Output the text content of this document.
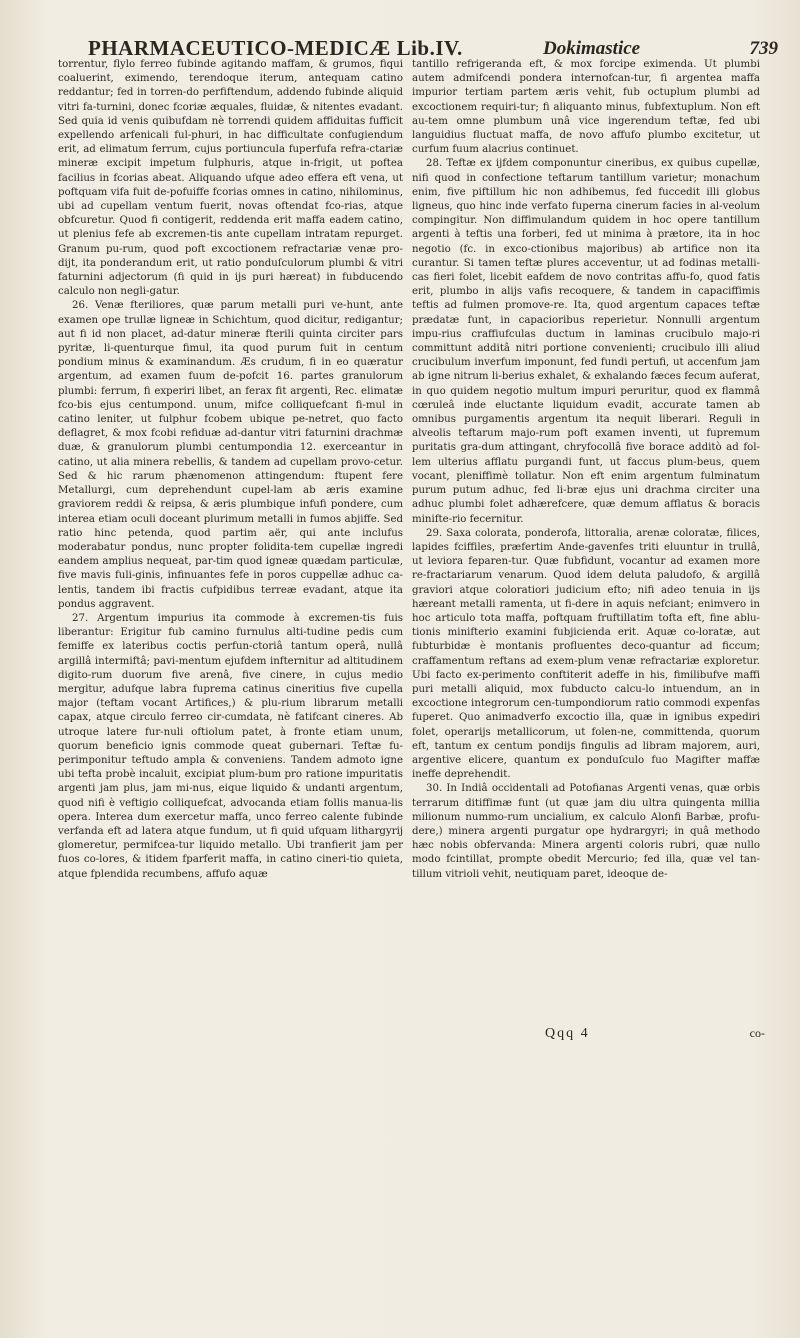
PHARMACEUTICO-MEDICÆ Lib.IV.	Dokimastice	739

torrentur, flylo ferreo fubinde agitando maffam, & grumos, fiqui coaluerint, eximendo, terendoque iterum, antequam catino reddantur; fed in torren-do perfiftendum, addendo fubinde aliquid vitri fa-turnini, donec fcoriæ æquales, fluidæ, & nitentes evadant. Sed quia id venis quibufdam nè torrendi quidem affiduitas fufficit expellendo arfenicali ful-phuri, in hac difficultate confugiendum erit, ad elimatum ferrum, cujus portiuncula fuperfufa refra-ctariæ mineræ excipit impetum fulphuris, atque in-frigit, ut poftea facilius in fcorias abeat. Aliquando ufque adeo effera eft vena, ut poftquam vifa fuit de-pofuiffe fcorias omnes in catino, nihilominus, ubi ad cupellam ventum fuerit, novas oftendat fco-rias, atque obfcuretur. Quod fi contigerit, reddenda erit maffa eadem catino, ut plenius fefe ab excremen-tis ante cupellam intratam repurget. Granum pu-rum, quod poft excoctionem refractariæ venæ pro-dijt, ita ponderandum erit, ut ratio ponduſculorum plumbi & vitri faturnini adjectorum (fi quid in ijs puri hæreat) in fubducendo calculo non negli-gatur.

26. Venæ fteriliores, quæ parum metalli puri ve-hunt, ante examen ope trullæ ligneæ in Schichtum, quod dicitur, redigantur; aut fi id non placet, ad-datur mineræ fterili quinta circiter pars pyritæ, li-quenturque fimul, ita quod purum fuit in centum pondium minus & examinandum. Æs crudum, fi in eo quæratur argentum, ad examen fuum de-pofcit 16. partes granulorum plumbi: ferrum, fi experiri libet, an ferax fit argenti, Rec. elimatæ fco-bis ejus centumpond. unum, mifce colliquefcant fi-mul in catino leniter, ut fulphur fcobem ubique pe-netret, quo facto deflagret, & mox fcobi refiduæ ad-dantur vitri faturnini drachmæ duæ, & granulorum plumbi centumpondia 12. exerceantur in catino, ut alia minera rebellis, & tandem ad cupellam provo-cetur. Sed & hic rarum phænomenon attingendum: ftupent fere Metallurgi, cum deprehendunt cupel-lam ab æris examine graviorem reddi & reipsa, & æris plumbique infufi pondere, cum interea etiam oculi doceant plurimum metalli in fumos abjiffe. Sed ratio hinc petenda, quod partim aër, qui ante inclufus moderabatur pondus, nunc propter folidita-tem cupellæ ingredi eandem amplius nequeat, par-tim quod igneæ quædam particulæ, five mavis fuli-ginis, infinuantes fefe in poros cuppellæ adhuc ca-lentis, tandem ibi fractis cufpidibus terreæ evadant, atque ita pondus aggravent.

27. Argentum impurius ita commode à excremen-tis fuis liberantur: Erigitur fub camino furnulus alti-tudine pedis cum femiffe ex lateribus coctis perfun-ctoriâ tantum operâ, nullâ argillâ intermiftâ; pavi-mentum ejufdem infternitur ad altitudinem digito-rum duorum five arenâ, five cinere, in cujus medio mergitur, adufque labra fuprema catinus cineritius five cupella major (teftam vocant Artifices,) & plu-rium librarum metalli capax, atque circulo ferreo cir-cumdata, nè fatifcant cineres. Ab utroque latere fur-nuli oftiolum patet, à fronte etiam unum, quorum beneficio ignis commode queat gubernari. Teftæ fu-perimponitur teftudo ampla & conveniens. Tandem admoto igne ubi tefta probè incaluit, excipiat plum-bum pro ratione impuritatis argenti jam plus, jam mi-nus, eique liquido & undanti argentum, quod nifi è veftigio colliquefcat, advocanda etiam follis manua-lis opera. Interea dum exercetur maffa, unco ferreo calente fubinde verfanda eft ad latera atque fundum, ut fi quid ufquam lithargyrij glomeretur, permifcea-tur liquido metallo. Ubi tranfierit jam per fuos co-lores, & itidem fparferit maffa, in catino cineri-tio quieta, atque fplendida recumbens, affufo aquæ

tantillo refrigeranda eft, & mox forcipe eximenda. Ut plumbi autem admifcendi pondera internofcan-tur, fi argentea maffa impurior tertiam partem æris vehit, fub octuplum plumbi ad excoctionem requiri-tur; fi aliquanto minus, fubfextuplum. Non eft au-tem omne plumbum unâ vice ingerendum teftæ, fed ubi languidius fluctuat maffa, de novo affufo plumbo excitetur, ut curfum fuum alacrius continuet.

28. Teftæ ex ijfdem componuntur cineribus, ex quibus cupellæ, nifi quod in confectione teftarum tantillum varietur; monachum enim, five piftillum hic non adhibemus, fed fuccedit illi globus ligneus, quo hinc inde verfato fuperna cinerum facies in al-veolum compingitur. Non diffimulandum quidem in hoc opere tantillum argenti à teftis una forberi, fed ut minima à prætore, ita in hoc negotio (fc. in exco-ctionibus majoribus) ab artifice non ita curantur. Si tamen teftæ plures acceventur, ut ad fodinas metalli-cas fieri folet, licebit eafdem de novo contritas affu-fo, quod fatis erit, plumbo in alijs vafis recoquere, & tandem in capaciffimis teftis ad fulmen promove-re. Ita, quod argentum capaces teftæ prædatæ funt, in capacioribus reperietur. Nonnulli argentum impu-rius craffiufculas ductum in laminas crucibulo majo-ri committunt additâ nitri portione convenienti; crucibulo illi aliud crucibulum inverfum imponunt, fed fundi pertufi, ut accenfum jam ab igne nitrum li-berius exhalet, & exhalando fæces fecum auferat, in quo quidem negotio multum impuri peruritur, quod ex flammâ cœruleâ inde eluctante liquidum evadit, accurate tamen ab omnibus purgamentis argentum ita nequit liberari. Reguli in alveolis teftarum majo-rum poft examen inventi, ut fupremum puritatis gra-dum attingant, chryfocollâ five borace additò ad fol-lem ulterius afflatu purgandi funt, ut faccus plum-beus, quem vocant, pleniffimè tollatur. Non eft enim argentum fulminatum purum putum adhuc, fed li-bræ ejus uni drachma circiter una adhuc plumbi folet adhærefcere, quæ demum afflatus & boracis minifte-rio fecernitur.

29. Saxa colorata, ponderofa, littoralia, arenæ coloratæ, filices, lapides fciffiles, præfertim Ande-gavenfes triti eluuntur in trullâ, ut leviora feparen-tur. Quæ fubfidunt, vocantur ad examen more re-fractariarum venarum. Quod idem deluta paludofo, & argillâ graviori atque coloratiori judicium efto; nifi adeo tenuia in ijs hæreant metalli ramenta, ut fi-dere in aquis nefciant; enimvero in hoc articulo tota maffa, poftquam fruftillatim tofta eft, fine ablu-tionis minifterio examini fubjicienda erit. Aquæ co-loratæ, aut fubturbidæ è montanis profluentes deco-quantur ad ficcum; craffamentum reftans ad exem-plum venæ refractariæ exploretur. Ubi facto ex-perimento conftiterit adeffe in his, fimilibufve maffi puri metalli aliquid, mox fubducto calcu-lo intuendum, an in excoctione integrorum cen-tumpondiorum ratio commodi expenfas fuperet. Quo animadverfo excoctio illa, quæ in ignibus expediri folet, operarijs metallicorum, ut folen-ne, committenda, quorum eft, tantum ex centum pondijs fingulis ad libram majorem, auri, argentive elicere, quantum ex ponduſculo fuo Magifter maffæ ineffe deprehendit.

30. In Indiâ occidentali ad Potofianas Argenti venas, quæ orbis terrarum ditiffimæ funt (ut quæ jam diu ultra quingenta millia milionum nummo-rum uncialium, ex calculo Alonfi Barbæ, profu-dere,) minera argenti purgatur ope hydrargyri; in quâ methodo hæc nobis obfervanda: Minera argenti coloris rubri, quæ nullo modo fcintillat, prompte obedit Mercurio; fed illa, quæ vel tan-tillum vitrioli vehit, neutiquam paret, ideoque de-

Qqq 4	co-
